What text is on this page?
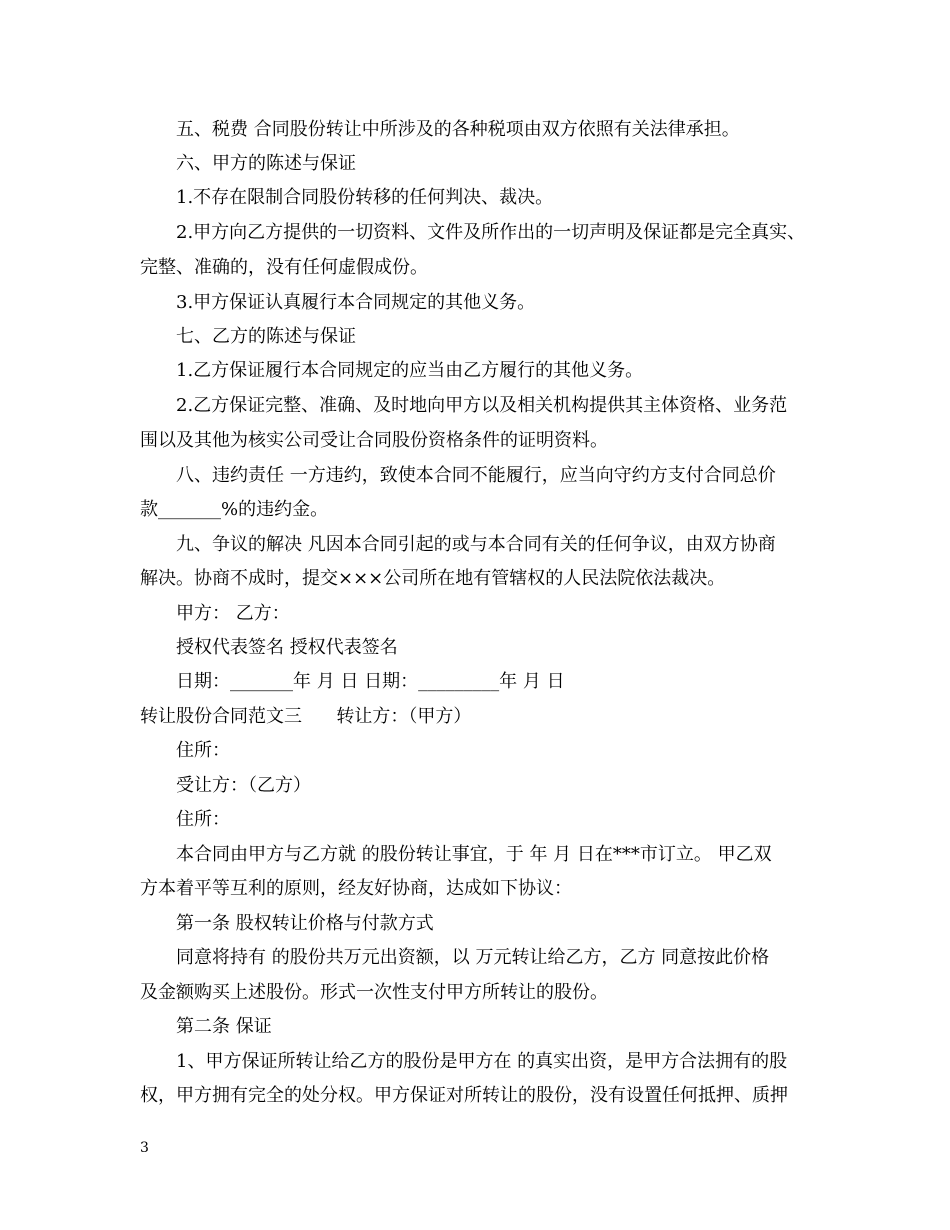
五、税费 合同股份转让中所涉及的各种税项由双方依照有关法律承担。
六、甲方的陈述与保证
1.不存在限制合同股份转移的任何判决、裁决。
2.甲方向乙方提供的一切资料、文件及所作出的一切声明及保证都是完全真实、
完整、准确的，没有任何虚假成份。
3.甲方保证认真履行本合同规定的其他义务。
七、乙方的陈述与保证
1.乙方保证履行本合同规定的应当由乙方履行的其他义务。
2.乙方保证完整、准确、及时地向甲方以及相关机构提供其主体资格、业务范
围以及其他为核实公司受让合同股份资格条件的证明资料。
八、违约责任 一方违约，致使本合同不能履行，应当向守约方支付合同总价
款_______%的违约金。
九、争议的解决 凡因本合同引起的或与本合同有关的任何争议，由双方协商
解决。协商不成时，提交×××公司所在地有管辖权的人民法院依法裁决。
甲方： 乙方：
授权代表签名 授权代表签名
日期：_______年 月 日 日期：_________年 月 日
转让股份合同范文三      转让方：（甲方）
住所：
受让方：（乙方）
住所：
本合同由甲方与乙方就 的股份转让事宜，于 年 月 日在***市订立。 甲乙双
方本着平等互利的原则，经友好协商，达成如下协议：
第一条 股权转让价格与付款方式
同意将持有 的股份共万元出资额，以 万元转让给乙方，乙方 同意按此价格
及金额购买上述股份。形式一次性支付甲方所转让的股份。
第二条 保证
1、甲方保证所转让给乙方的股份是甲方在 的真实出资，是甲方合法拥有的股
权，甲方拥有完全的处分权。甲方保证对所转让的股份，没有设置任何抵押、质押
3
